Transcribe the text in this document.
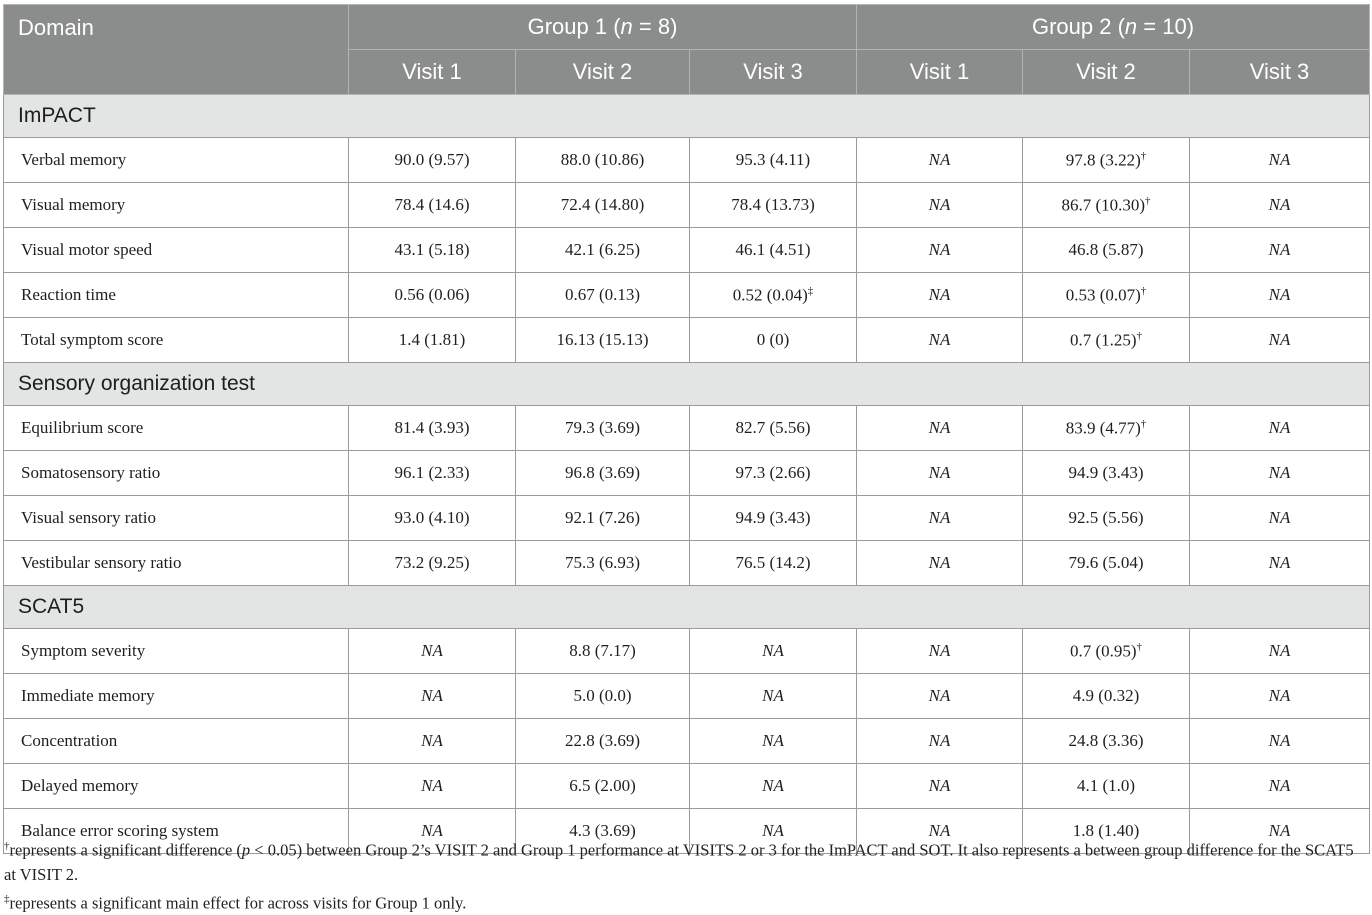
Domain	Group 1 (n = 8)			Group 2 (n = 10)		
	Visit 1	Visit 2	Visit 3	Visit 1	Visit 2	Visit 3
ImPACT						
Verbal memory	90.0 (9.57)	88.0 (10.86)	95.3 (4.11)	NA	97.8 (3.22)†	NA
Visual memory	78.4 (14.6)	72.4 (14.80)	78.4 (13.73)	NA	86.7 (10.30)†	NA
Visual motor speed	43.1 (5.18)	42.1 (6.25)	46.1 (4.51)	NA	46.8 (5.87)	NA
Reaction time	0.56 (0.06)	0.67 (0.13)	0.52 (0.04)‡	NA	0.53 (0.07)†	NA
Total symptom score	1.4 (1.81)	16.13 (15.13)	0 (0)	NA	0.7 (1.25)†	NA
Sensory organization test						
Equilibrium score	81.4 (3.93)	79.3 (3.69)	82.7 (5.56)	NA	83.9 (4.77)†	NA
Somatosensory ratio	96.1 (2.33)	96.8 (3.69)	97.3 (2.66)	NA	94.9 (3.43)	NA
Visual sensory ratio	93.0 (4.10)	92.1 (7.26)	94.9 (3.43)	NA	92.5 (5.56)	NA
Vestibular sensory ratio	73.2 (9.25)	75.3 (6.93)	76.5 (14.2)	NA	79.6 (5.04)	NA
SCAT5						
Symptom severity	NA	8.8 (7.17)	NA	NA	0.7 (0.95)†	NA
Immediate memory	NA	5.0 (0.0)	NA	NA	4.9 (0.32)	NA
Concentration	NA	22.8 (3.69)	NA	NA	24.8 (3.36)	NA
Delayed memory	NA	6.5 (2.00)	NA	NA	4.1 (1.0)	NA
Balance error scoring system	NA	4.3 (3.69)	NA	NA	1.8 (1.40)	NA

†represents a significant difference (p < 0.05) between Group 2’s VISIT 2 and Group 1 performance at VISITS 2 or 3 for the ImPACT and SOT. It also represents a between group difference for the SCAT5 at VISIT 2.

‡represents a significant main effect for across visits for Group 1 only.
